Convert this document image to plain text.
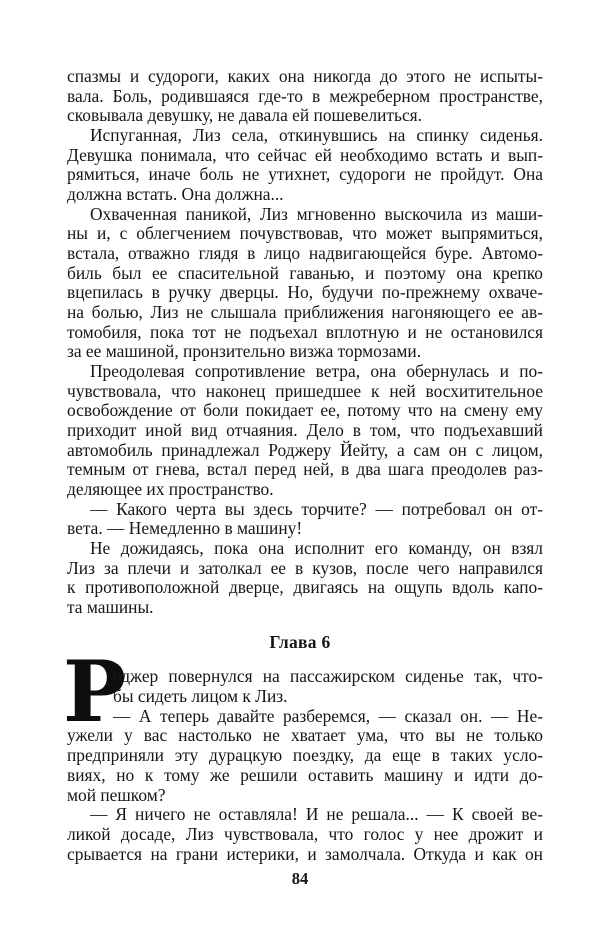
спазмы и судороги, каких она никогда до этого не испыты-
вала. Боль, родившаяся где-то в межреберном пространстве,
сковывала девушку, не давала ей пошевелиться.
Испуганная, Лиз села, откинувшись на спинку сиденья.
Девушка понимала, что сейчас ей необходимо встать и вып-
рямиться, иначе боль не утихнет, судороги не пройдут. Она
должна встать. Она должна...
Охваченная паникой, Лиз мгновенно выскочила из маши-
ны и, с облегчением почувствовав, что может выпрямиться,
встала, отважно глядя в лицо надвигающейся буре. Автомо-
биль был ее спасительной гаванью, и поэтому она крепко
вцепилась в ручку дверцы. Но, будучи по-прежнему охваче-
на болью, Лиз не слышала приближения нагоняющего ее ав-
томобиля, пока тот не подъехал вплотную и не остановился
за ее машиной, пронзительно визжа тормозами.
Преодолевая сопротивление ветра, она обернулась и по-
чувствовала, что наконец пришедшее к ней восхитительное
освобождение от боли покидает ее, потому что на смену ему
приходит иной вид отчаяния. Дело в том, что подъехавший
автомобиль принадлежал Роджеру Йейту, а сам он с лицом,
темным от гнева, встал перед ней, в два шага преодолев раз-
деляющее их пространство.
— Какого черта вы здесь торчите? — потребовал он от-
вета. — Немедленно в машину!
Не дожидаясь, пока она исполнит его команду, он взял
Лиз за плечи и затолкал ее в кузов, после чего направился
к противоположной дверце, двигаясь на ощупь вдоль капо-
та машины.
Глава 6
Р
оджер повернулся на пассажирском сиденье так, что-
бы сидеть лицом к Лиз.
— А теперь давайте разберемся, — сказал он. — Не-
ужели у вас настолько не хватает ума, что вы не только
предприняли эту дурацкую поездку, да еще в таких усло-
виях, но к тому же решили оставить машину и идти до-
мой пешком?
— Я ничего не оставляла! И не решала... — К своей ве-
ликой досаде, Лиз чувствовала, что голос у нее дрожит и
срывается на грани истерики, и замолчала. Откуда и как он
84
